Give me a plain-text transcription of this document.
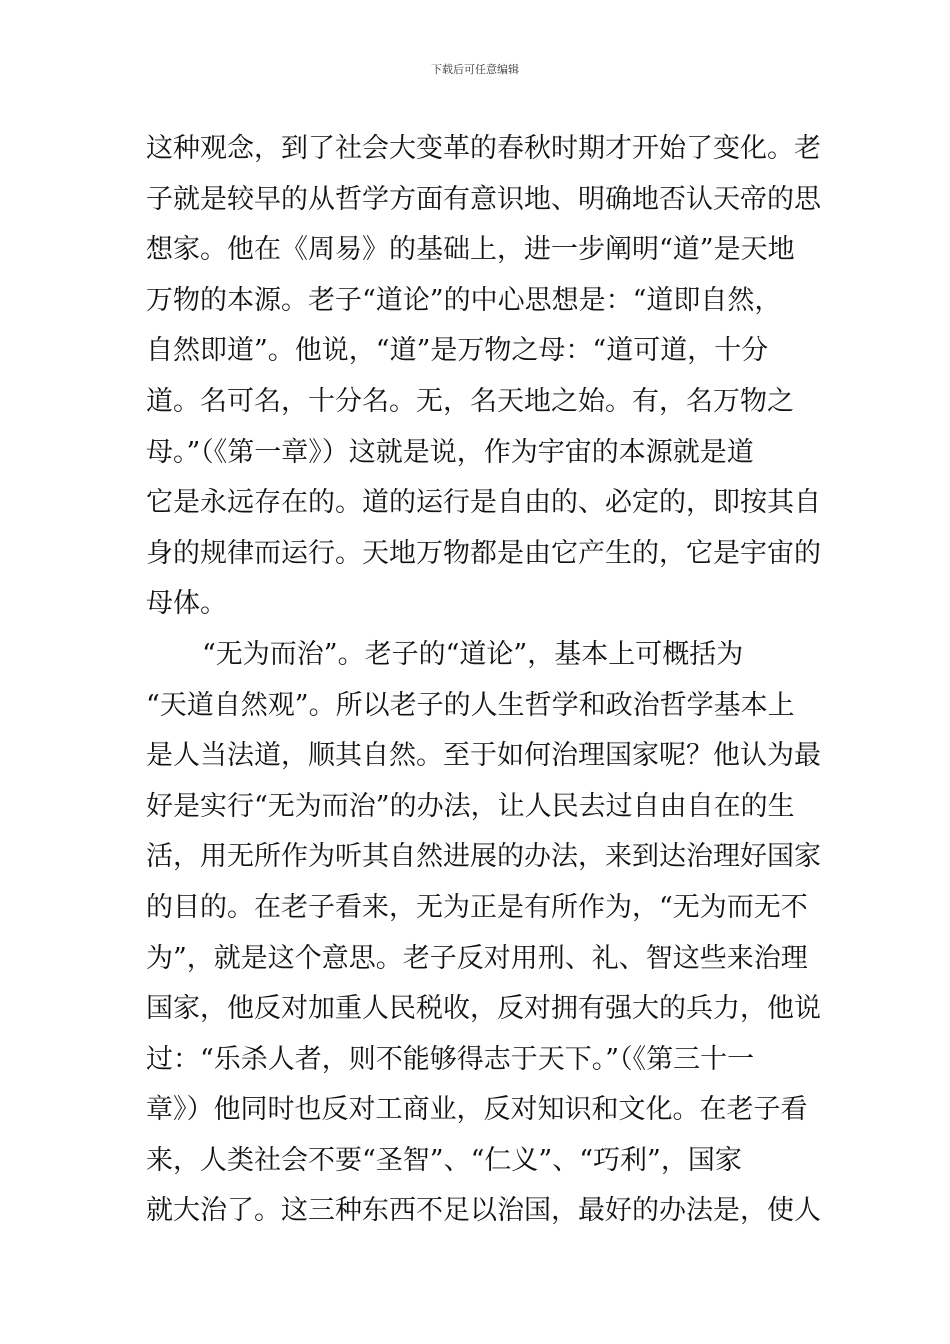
下载后可任意编辑
这种观念，到了社会大变革的春秋时期才开始了变化。老
子就是较早的从哲学方面有意识地、明确地否认天帝的思
想家。他在《周易》的基础上，进一步阐明“道”是天地
万物的本源。老子“道论”的中心思想是：“道即自然，
自然即道”。他说，“道”是万物之母：“道可道，十分
道。名可名，十分名。无，名天地之始。有，名万物之
母。”（《第一章》）这就是说，作为宇宙的本源就是道
它是永远存在的。道的运行是自由的、必定的，即按其自
身的规律而运行。天地万物都是由它产生的，它是宇宙的
母体。
“无为而治”。老子的“道论”，基本上可概括为
“天道自然观”。所以老子的人生哲学和政治哲学基本上
是人当法道，顺其自然。至于如何治理国家呢？他认为最
好是实行“无为而治”的办法，让人民去过自由自在的生
活，用无所作为听其自然进展的办法，来到达治理好国家
的目的。在老子看来，无为正是有所作为，“无为而无不
为”，就是这个意思。老子反对用刑、礼、智这些来治理
国家，他反对加重人民税收，反对拥有强大的兵力，他说
过：“乐杀人者，则不能够得志于天下。”（《第三十一
章》）他同时也反对工商业，反对知识和文化。在老子看
来，人类社会不要“圣智”、“仁义”、“巧利”，国家
就大治了。这三种东西不足以治国，最好的办法是，使人
